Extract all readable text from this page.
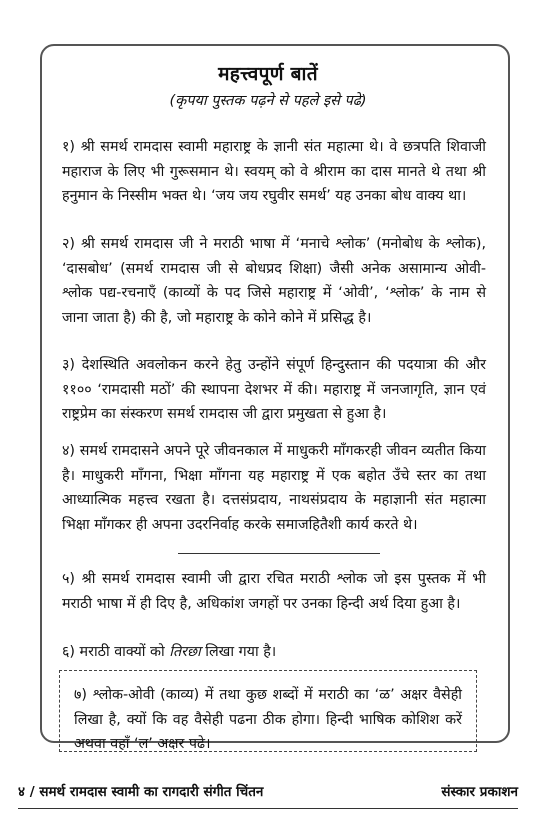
महत्त्वपूर्ण बातें
(कृपया पुस्तक पढ़ने से पहले इसे पढे)

१) श्री समर्थ रामदास स्वामी महाराष्ट्र के ज्ञानी संत महात्मा थे। वे छत्रपति शिवाजी महाराज के लिए भी गुरूसमान थे। स्वयम् को वे श्रीराम का दास मानते थे तथा श्री हनुमान के निस्सीम भक्त थे। ‘जय जय रघुवीर समर्थ’ यह उनका बोध वाक्य था।

२) श्री समर्थ रामदास जी ने मराठी भाषा में ‘मनाचे श्लोक’ (मनोबोध के श्लोक), ‘दासबोध’ (समर्थ रामदास जी से बोधप्रद शिक्षा) जैसी अनेक असामान्य ओवी-श्लोक पद्य-रचनाएँ (काव्यों के पद जिसे महाराष्ट्र में ‘ओवी’, ‘श्लोक’ के नाम से जाना जाता है) की है, जो महाराष्ट्र के कोने कोने में प्रसिद्ध है।

३) देशस्थिति अवलोकन करने हेतु उन्होंने संपूर्ण हिन्दुस्तान की पदयात्रा की और ११०० ‘रामदासी मठों’ की स्थापना देशभर में की। महाराष्ट्र में जनजागृति, ज्ञान एवं राष्ट्रप्रेम का संस्करण समर्थ रामदास जी द्वारा प्रमुखता से हुआ है।

४) समर्थ रामदासने अपने पूरे जीवनकाल में माधुकरी माँगकरही जीवन व्यतीत किया है। माधुकरी माँगना, भिक्षा माँगना यह महाराष्ट्र में एक बहोत उँचे स्तर का तथा आध्यात्मिक महत्त्व रखता है। दत्तसंप्रदाय, नाथसंप्रदाय के महाज्ञानी संत महात्मा भिक्षा माँगकर ही अपना उदरनिर्वाह करके समाजहितैशी कार्य करते थे।

५) श्री समर्थ रामदास स्वामी जी द्वारा रचित मराठी श्लोक जो इस पुस्तक में भी मराठी भाषा में ही दिए है, अधिकांश जगहों पर उनका हिन्दी अर्थ दिया हुआ है।

६) मराठी वाक्यों को तिरछा लिखा गया है।

७) श्लोक-ओवी (काव्य) में तथा कुछ शब्दों में मराठी का ‘ळ’ अक्षर वैसेही लिखा है, क्यों कि वह वैसेही पढना ठीक होगा। हिन्दी भाषिक कोशिश करें अथवा वहाँ ‘ल’ अक्षर पढे।

४ / समर्थ रामदास स्वामी का रागदारी संगीत चिंतन	संस्कार प्रकाशन
